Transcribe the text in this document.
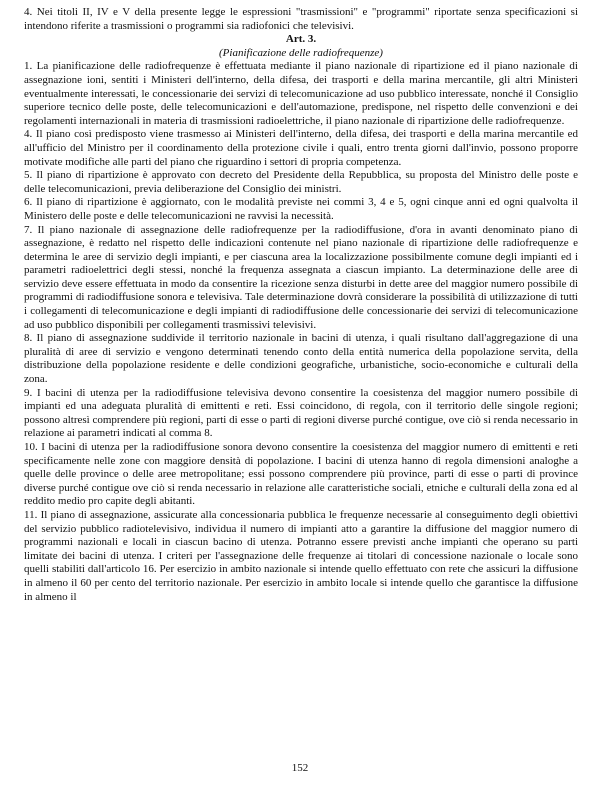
4. Nei titoli II, IV e V della presente legge le espressioni "trasmissioni" e "programmi" riportate senza specificazioni si intendono riferite a trasmissioni o programmi sia radiofonici che televisivi.

Art. 3.

(Pianificazione delle radiofrequenze)

1. La pianificazione delle radiofrequenze è effettuata mediante il piano nazionale di ripartizione ed il piano nazionale di assegnazione ioni, sentiti i Ministeri dell'interno, della difesa, dei trasporti e della marina mercantile, gli altri Ministeri eventualmente interessati, le concessionarie dei servizi di telecomunicazione ad uso pubblico interessate, nonché il Consiglio superiore tecnico delle poste, delle telecomunicazioni e dell'automazione, predispone, nel rispetto delle convenzioni e dei regolamenti internazionali in materia di trasmissioni radioelettriche, il piano nazionale di ripartizione delle radiofrequenze.

4. Il piano così predisposto viene trasmesso ai Ministeri dell'interno, della difesa, dei trasporti e della marina mercantile ed all'ufficio del Ministro per il coordinamento della protezione civile i quali, entro trenta giorni dall'invio, possono proporre motivate modifiche alle parti del piano che riguardino i settori di propria competenza.

5. Il piano di ripartizione è approvato con decreto del Presidente della Repubblica, su proposta del Ministro delle poste e delle telecomunicazioni, previa deliberazione del Consiglio dei ministri.

6. Il piano di ripartizione è aggiornato, con le modalità previste nei commi 3, 4 e 5, ogni cinque anni ed ogni qualvolta il Ministero delle poste e delle telecomunicazioni ne ravvisi la necessità.

7. Il piano nazionale di assegnazione delle radiofrequenze per la radiodiffusione, d'ora in avanti denominato piano di assegnazione, è redatto nel rispetto delle indicazioni contenute nel piano nazionale di ripartizione delle radiofrequenze e determina le aree di servizio degli impianti, e per ciascuna area la localizzazione possibilmente comune degli impianti ed i parametri radioelettrici degli stessi, nonché la frequenza assegnata a ciascun impianto. La determinazione delle aree di servizio deve essere effettuata in modo da consentire la ricezione senza disturbi in dette aree del maggior numero possibile di programmi di radiodiffusione sonora e televisiva. Tale determinazione dovrà considerare la possibilità di utilizzazione di tutti i collegamenti di telecomunicazione e degli impianti di radiodiffusione delle concessionarie dei servizi di telecomunicazione ad uso pubblico disponibili per collegamenti trasmissivi televisivi.

8. Il piano di assegnazione suddivide il territorio nazionale in bacini di utenza, i quali risultano dall'aggregazione di una pluralità di aree di servizio e vengono determinati tenendo conto della entità numerica della popolazione servita, della distribuzione della popolazione residente e delle condizioni geografiche, urbanistiche, socio-economiche e culturali della zona.

9. I bacini di utenza per la radiodiffusione televisiva devono consentire la coesistenza del maggior numero possibile di impianti ed una adeguata pluralità di emittenti e reti. Essi coincidono, di regola, con il territorio delle singole regioni; possono altresì comprendere più regioni, parti di esse o parti di regioni diverse purché contigue, ove ciò si renda necessario in relazione ai parametri indicati al comma 8.

10. I bacini di utenza per la radiodiffusione sonora devono consentire la coesistenza del maggior numero di emittenti e reti specificamente nelle zone con maggiore densità di popolazione. I bacini di utenza hanno di regola dimensioni analoghe a quelle delle province o delle aree metropolitane; essi possono comprendere più province, parti di esse o parti di province diverse purché contigue ove ciò si renda necessario in relazione alle caratteristiche sociali, etniche e culturali della zona ed al reddito medio pro capite degli abitanti.

11. Il piano di assegnazione, assicurate alla concessionaria pubblica le frequenze necessarie al conseguimento degli obiettivi del servizio pubblico radiotelevisivo, individua il numero di impianti atto a garantire la diffusione del maggior numero di programmi nazionali e locali in ciascun bacino di utenza. Potranno essere previsti anche impianti che operano su parti limitate dei bacini di utenza. I criteri per l'assegnazione delle frequenze ai titolari di concessione nazionale o locale sono quelli stabiliti dall'articolo 16. Per esercizio in ambito nazionale si intende quello effettuato con rete che assicuri la diffusione in almeno il 60 per cento del territorio nazionale. Per esercizio in ambito locale si intende quello che garantisce la diffusione in almeno il

152
